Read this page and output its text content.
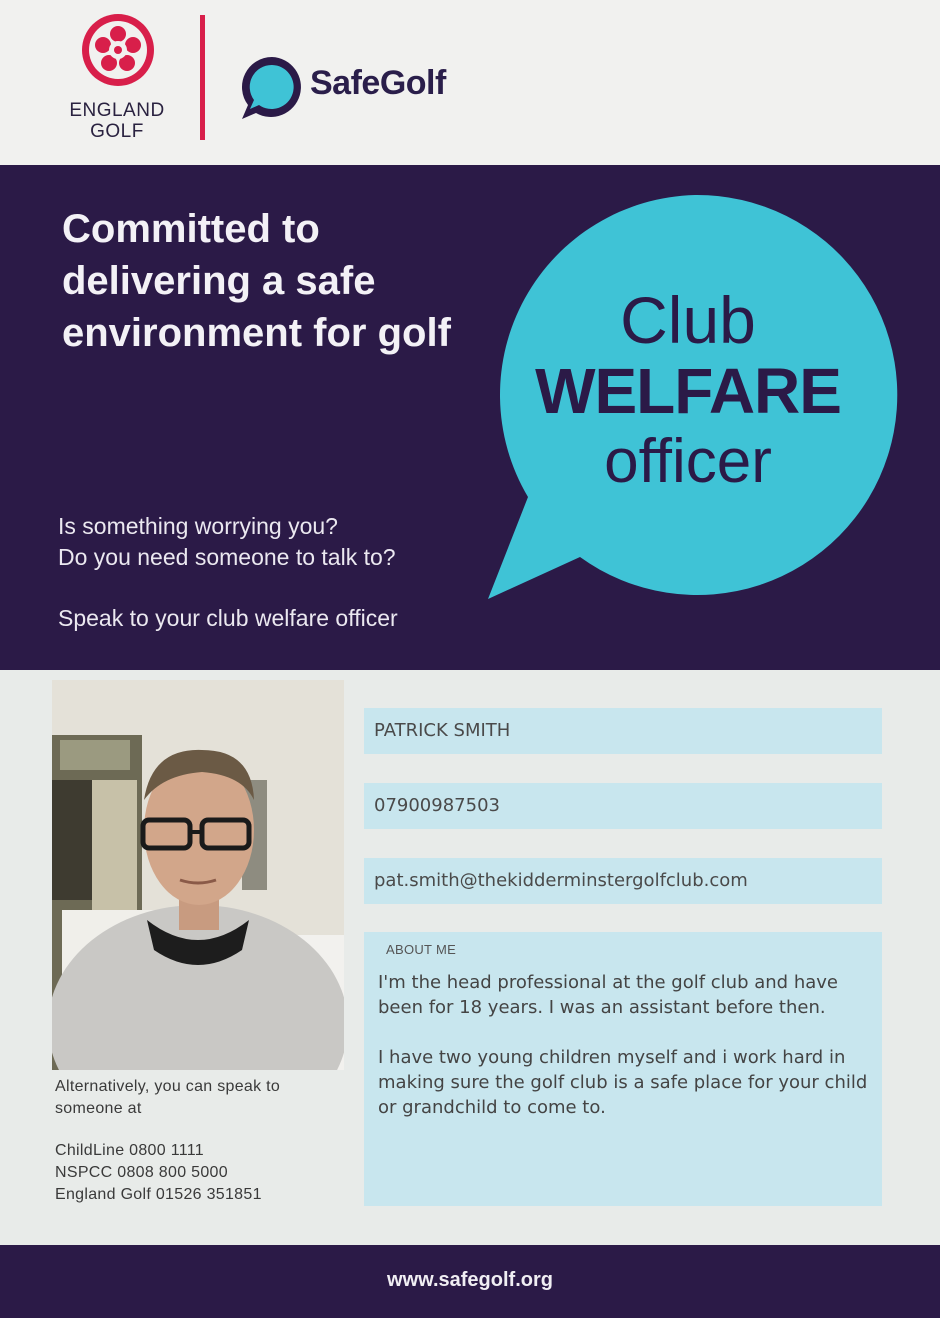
ENGLAND
GOLF
SafeGolf
Committed to delivering a safe environment for golf	Club
WELFARE
officer
Is something worrying you?
Do you need someone to talk to?
Speak to your club welfare officer
Alternatively, you can speak to someone at
ChildLine 0800 1111
NSPCC 0808 800 5000
England Golf 01526 351851
PATRICK SMITH
07900987503
pat.smith@thekidderminstergolfclub.com
ABOUT ME
I'm the head professional at the golf club and have been for 18 years. I was an assistant before then.

I have two young children myself and i work hard in making sure the golf club is a safe place for your child or grandchild to come to.
www.safegolf.org
